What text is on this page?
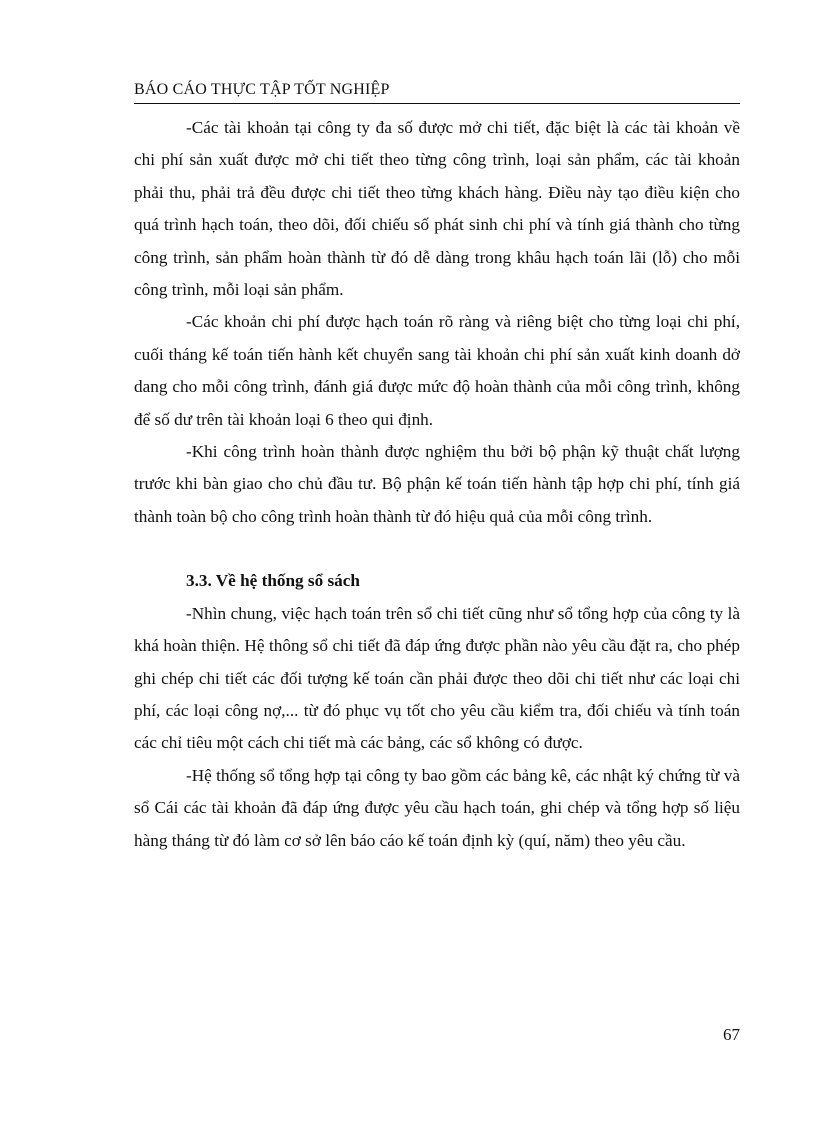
BÁO CÁO THỰC TẬP TỐT NGHIỆP

-Các tài khoản tại công ty đa số được mở chi tiết, đặc biệt là các tài khoản về chi phí sản xuất được mở chi tiết theo từng công trình, loại sản phẩm, các tài khoản phải thu, phải trả đều được chi tiết theo từng khách hàng. Điều này tạo điều kiện cho quá trình hạch toán, theo dõi, đối chiếu số phát sinh chi phí và tính giá thành cho từng công trình, sản phẩm hoàn thành từ đó dễ dàng trong khâu hạch toán lãi (lỗ) cho mỗi công trình, mỗi loại sản phẩm.

-Các khoản chi phí được hạch toán rõ ràng và riêng biệt cho từng loại chi phí, cuối tháng kế toán tiến hành kết chuyển sang tài khoản chi phí sản xuất kinh doanh dở dang cho mỗi công trình, đánh giá được mức độ hoàn thành của mỗi công trình, không để số dư trên tài khoản loại 6 theo qui định.

-Khi công trình hoàn thành được nghiệm thu bởi bộ phận kỹ thuật chất lượng trước khi bàn giao cho chủ đầu tư. Bộ phận kế toán tiến hành tập hợp chi phí, tính giá thành toàn bộ cho công trình hoàn thành từ đó hiệu quả của mỗi công trình.

3.3. Về hệ thống sổ sách

-Nhìn chung, việc hạch toán trên sổ chi tiết cũng như sổ tổng hợp của công ty là khá hoàn thiện. Hệ thông sổ chi tiết đã đáp ứng được phần nào yêu cầu đặt ra, cho phép ghi chép chi tiết các đối tượng kế toán cần phải được theo dõi chi tiết như các loại chi phí, các loại công nợ,... từ đó phục vụ tốt cho yêu cầu kiểm tra, đối chiếu và tính toán các chỉ tiêu một cách chi tiết mà các bảng, các sổ không có được.

-Hệ thống sổ tổng hợp tại công ty bao gồm các bảng kê, các nhật ký chứng từ và sổ Cái các tài khoản đã đáp ứng được yêu cầu hạch toán, ghi chép và tổng hợp số liệu hàng tháng từ đó làm cơ sở lên báo cáo kế toán định kỳ (quí, năm) theo yêu cầu.

67
